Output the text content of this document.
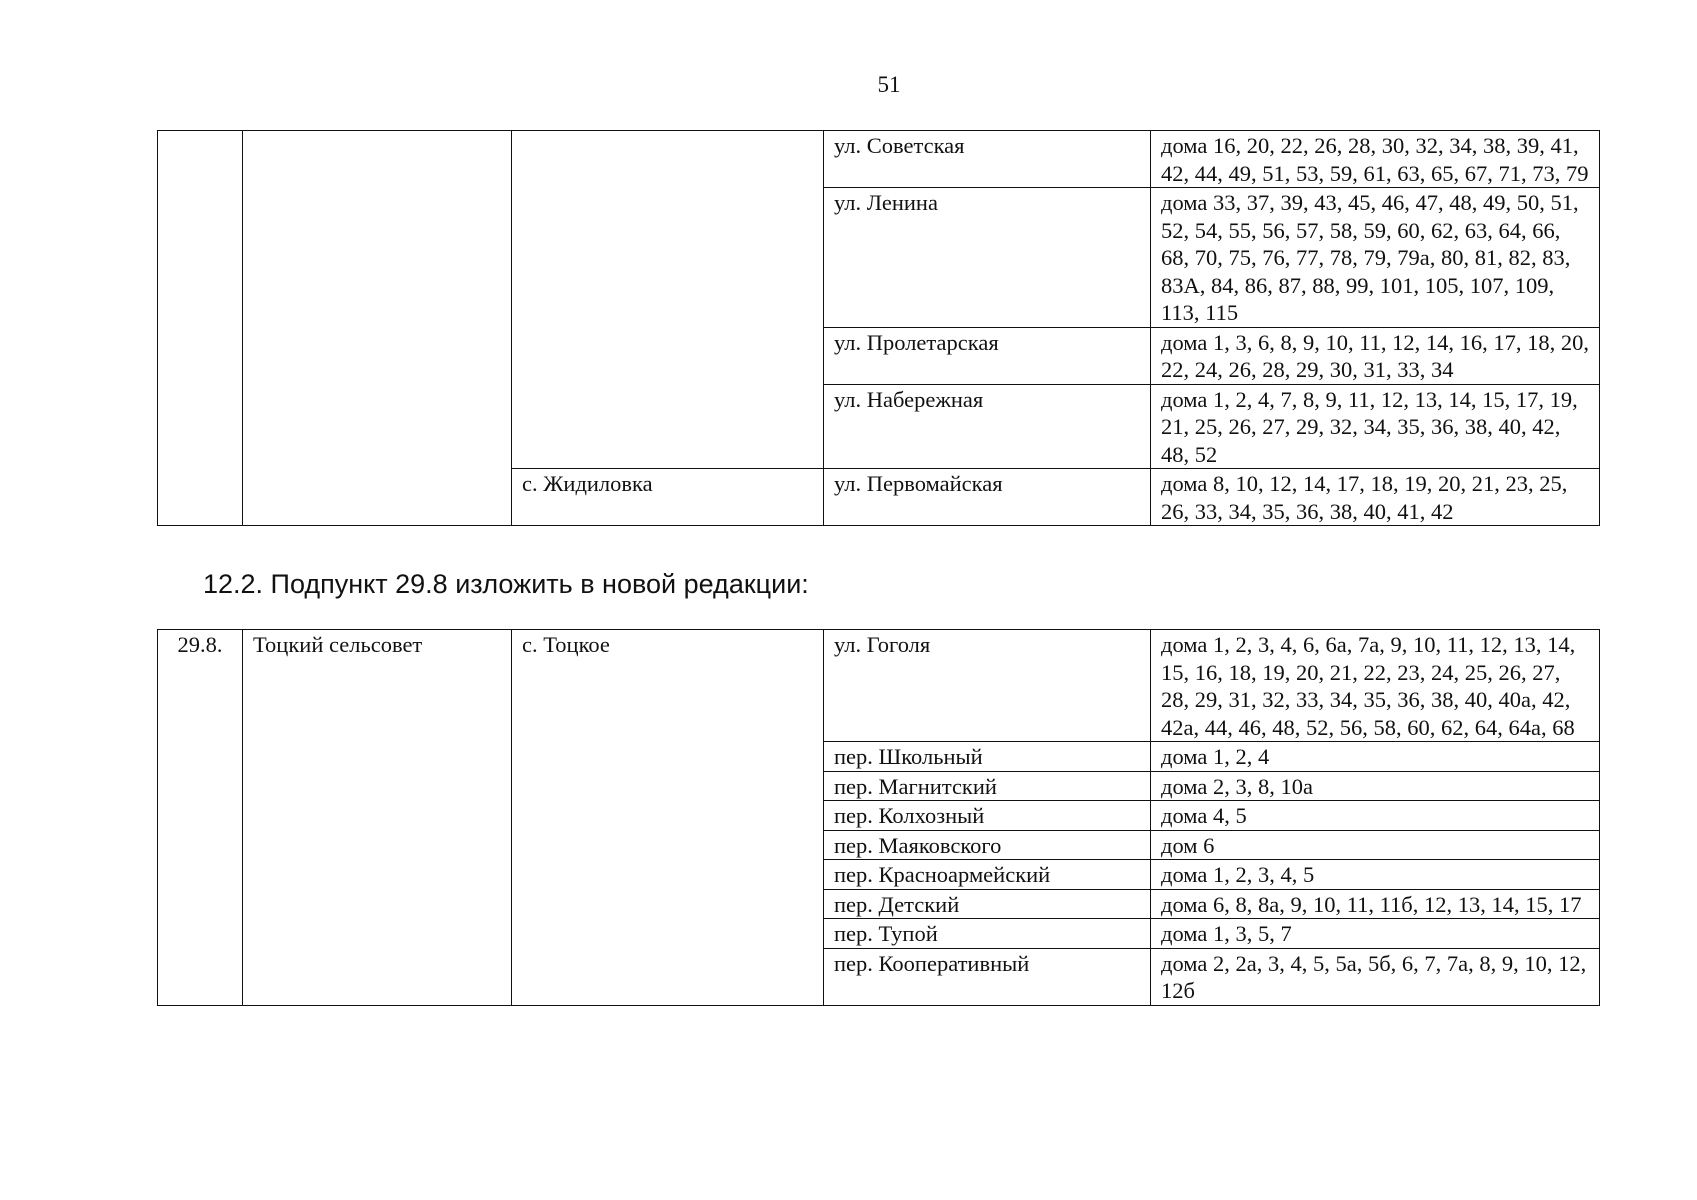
51
			ул. Советская	дома 16, 20, 22, 26, 28, 30, 32, 34, 38, 39, 41, 42, 44, 49, 51, 53, 59, 61, 63, 65, 67, 71, 73, 79
			ул. Ленина	дома 33, 37, 39, 43, 45, 46, 47, 48, 49, 50, 51, 52, 54, 55, 56, 57, 58, 59, 60, 62, 63, 64, 66, 68, 70, 75, 76, 77, 78, 79, 79а, 80, 81, 82, 83, 83А, 84, 86, 87, 88, 99, 101, 105, 107, 109, 113, 115
			ул. Пролетарская	дома 1, 3, 6, 8, 9, 10, 11, 12, 14, 16, 17, 18, 20, 22, 24, 26, 28, 29, 30, 31, 33, 34
			ул. Набережная	дома 1, 2, 4, 7, 8, 9, 11, 12, 13, 14, 15, 17, 19, 21, 25, 26, 27, 29, 32, 34, 35, 36, 38, 40, 42, 48, 52
		с. Жидиловка	ул. Первомайская	дома 8, 10, 12, 14, 17, 18, 19, 20, 21, 23, 25, 26, 33, 34, 35, 36, 38, 40, 41, 42
12.2. Подпункт 29.8 изложить в новой редакции:
29.8.	Тоцкий сельсовет	с. Тоцкое	ул. Гоголя	дома 1, 2, 3, 4, 6, 6а, 7а, 9, 10, 11, 12, 13, 14, 15, 16, 18, 19, 20, 21, 22, 23, 24, 25, 26, 27, 28, 29, 31, 32, 33, 34, 35, 36, 38, 40, 40а, 42, 42а, 44, 46, 48, 52, 56, 58, 60, 62, 64, 64а, 68
			пер. Школьный	дома 1, 2, 4
			пер. Магнитский	дома 2, 3, 8, 10а
			пер. Колхозный	дома 4, 5
			пер. Маяковского	дом 6
			пер. Красноармейский	дома 1, 2, 3, 4, 5
			пер. Детский	дома 6, 8, 8а, 9, 10, 11, 11б, 12, 13, 14, 15, 17
			пер. Тупой	дома 1, 3, 5, 7
			пер. Кооперативный	дома 2, 2а, 3, 4, 5, 5а, 5б, 6, 7, 7а, 8, 9, 10, 12, 12б
